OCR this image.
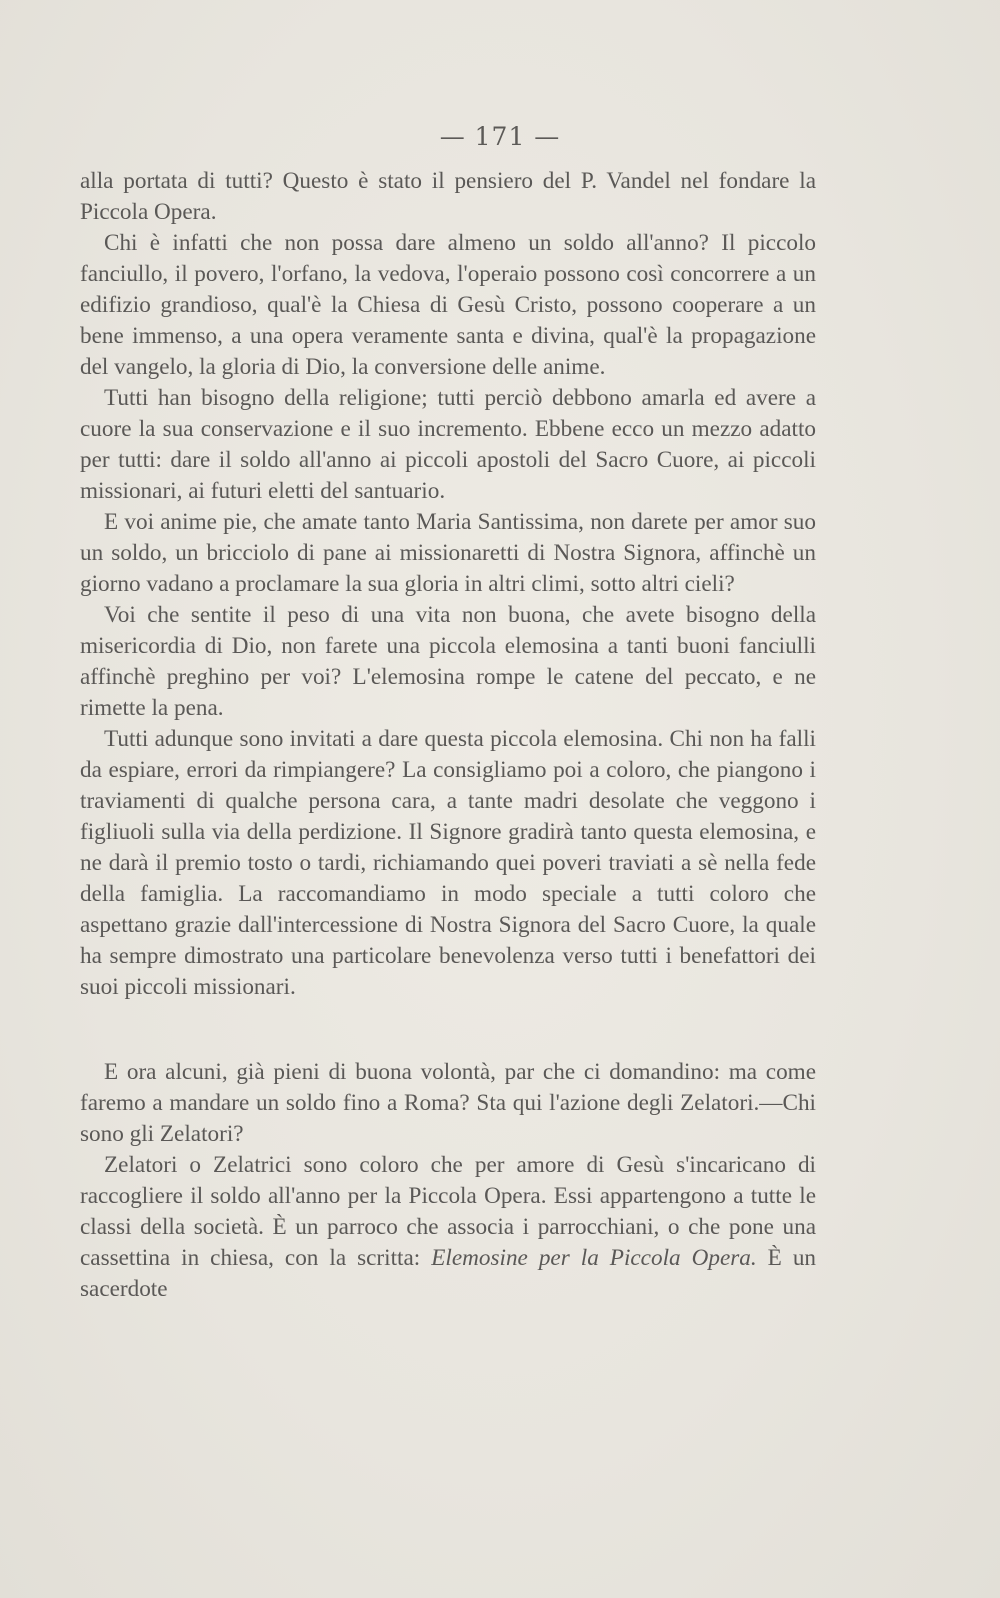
— 171 —

alla portata di tutti? Questo è stato il pensiero del P. Vandel nel fondare la Piccola Opera.

Chi è infatti che non possa dare almeno un soldo all'anno? Il piccolo fanciullo, il povero, l'orfano, la vedova, l'operaio possono così concorrere a un edifizio grandioso, qual'è la Chiesa di Gesù Cristo, possono cooperare a un bene immenso, a una opera veramente santa e divina, qual'è la propagazione del vangelo, la gloria di Dio, la conversione delle anime.

Tutti han bisogno della religione; tutti perciò debbono amarla ed avere a cuore la sua conservazione e il suo incremento. Ebbene ecco un mezzo adatto per tutti: dare il soldo all'anno ai piccoli apostoli del Sacro Cuore, ai piccoli missionari, ai futuri eletti del santuario.

E voi anime pie, che amate tanto Maria Santissima, non darete per amor suo un soldo, un bricciolo di pane ai missionaretti di Nostra Signora, affinchè un giorno vadano a proclamare la sua gloria in altri climi, sotto altri cieli?

Voi che sentite il peso di una vita non buona, che avete bisogno della misericordia di Dio, non farete una piccola elemosina a tanti buoni fanciulli affinchè preghino per voi? L'elemosina rompe le catene del peccato, e ne rimette la pena.

Tutti adunque sono invitati a dare questa piccola elemosina. Chi non ha falli da espiare, errori da rimpiangere? La consigliamo poi a coloro, che piangono i traviamenti di qualche persona cara, a tante madri desolate che veggono i figliuoli sulla via della perdizione. Il Signore gradirà tanto questa elemosina, e ne darà il premio tosto o tardi, richiamando quei poveri traviati a sè nella fede della famiglia. La raccomandiamo in modo speciale a tutti coloro che aspettano grazie dall'intercessione di Nostra Signora del Sacro Cuore, la quale ha sempre dimostrato una particolare benevolenza verso tutti i benefattori dei suoi piccoli missionari.

E ora alcuni, già pieni di buona volontà, par che ci domandino: ma come faremo a mandare un soldo fino a Roma? Sta qui l'azione degli Zelatori.—Chi sono gli Zelatori?

Zelatori o Zelatrici sono coloro che per amore di Gesù s'incaricano di raccogliere il soldo all'anno per la Piccola Opera. Essi appartengono a tutte le classi della società. È un parroco che associa i parrocchiani, o che pone una cassettina in chiesa, con la scritta: Elemosine per la Piccola Opera. È un sacerdote
